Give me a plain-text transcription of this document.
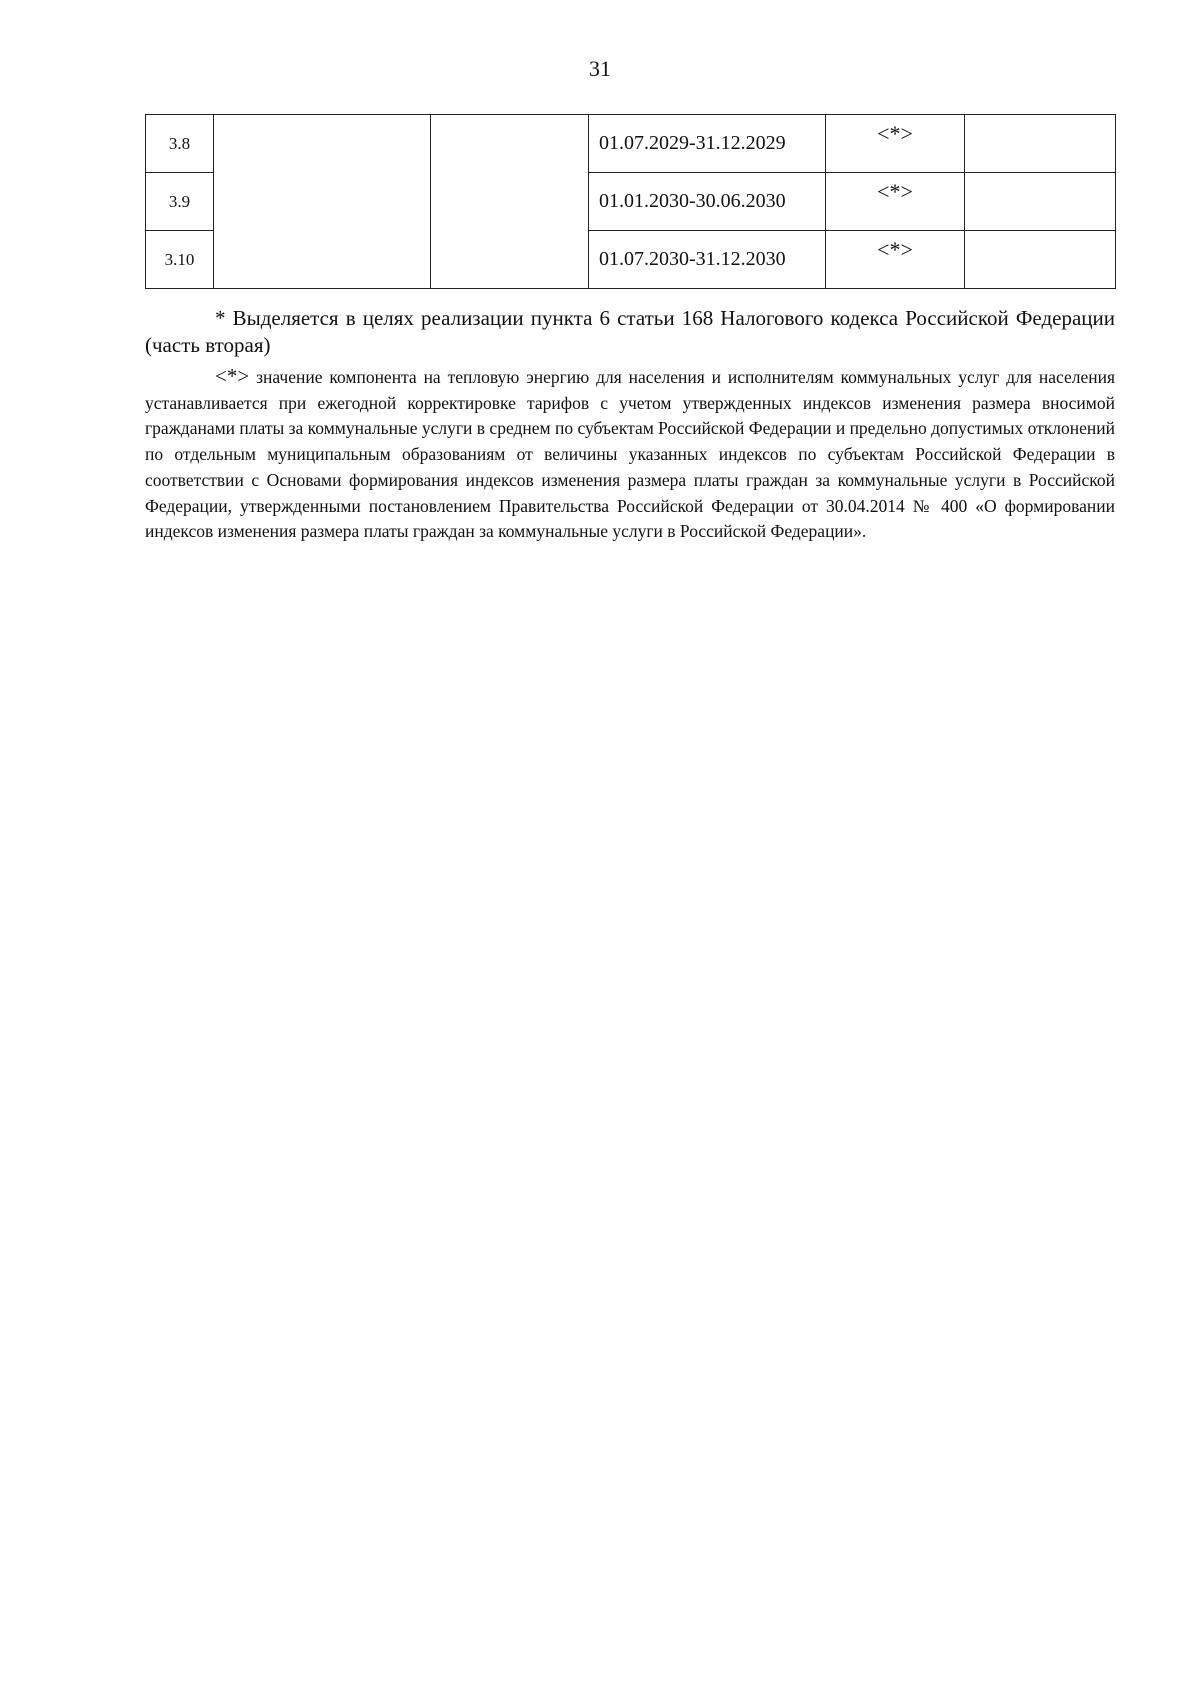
31
3.8			01.07.2029-31.12.2029	<*>	
3.9			01.01.2030-30.06.2030	<*>	
3.10			01.07.2030-31.12.2030	<*>	

* Выделяется в целях реализации пункта 6 статьи 168 Налогового кодекса Российской Федерации (часть вторая)

<*> значение компонента на тепловую энергию для населения и исполнителям коммунальных услуг для населения устанавливается при ежегодной корректировке тарифов с учетом утвержденных индексов изменения размера вносимой гражданами платы за коммунальные услуги в среднем по субъектам Российской Федерации и предельно допустимых отклонений по отдельным муниципальным образованиям от величины указанных индексов по субъектам Российской Федерации в соответствии с Основами формирования индексов изменения размера платы граждан за коммунальные услуги в Российской Федерации, утвержденными постановлением Правительства Российской Федерации от 30.04.2014 № 400 «О формировании индексов изменения размера платы граждан за коммунальные услуги в Российской Федерации».
